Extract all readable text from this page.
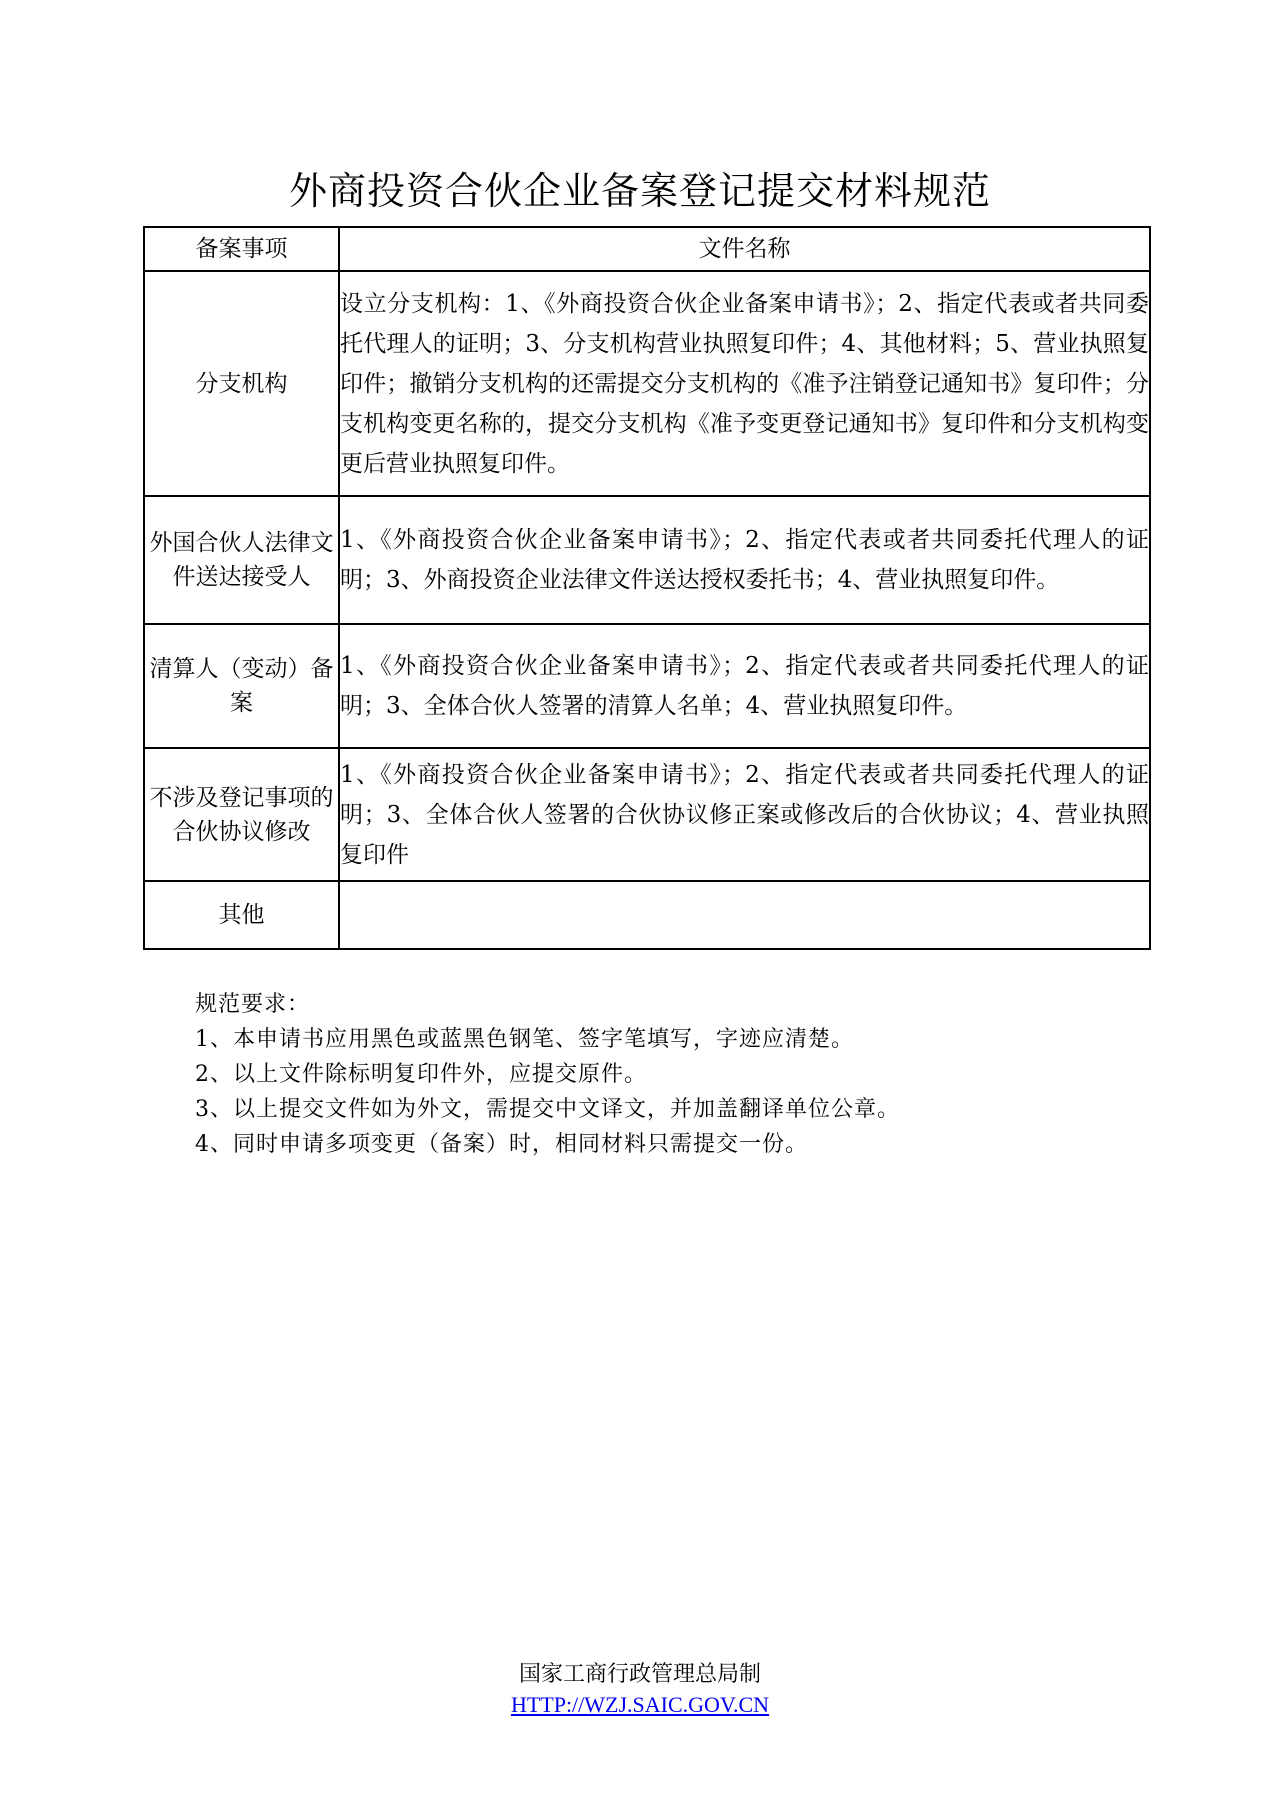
外商投资合伙企业备案登记提交材料规范
备案事项	文件名称
分支机构	设立分支机构：1、《外商投资合伙企业备案申请书》；2、指定代表或者共同委托代理人的证明；3、分支机构营业执照复印件；4、其他材料；5、营业执照复印件；撤销分支机构的还需提交分支机构的《准予注销登记通知书》复印件；分支机构变更名称的，提交分支机构《准予变更登记通知书》复印件和分支机构变更后营业执照复印件。
外国合伙人法律文件送达接受人	1、《外商投资合伙企业备案申请书》；2、指定代表或者共同委托代理人的证明；3、外商投资企业法律文件送达授权委托书；4、营业执照复印件。
清算人（变动）备案	1、《外商投资合伙企业备案申请书》；2、指定代表或者共同委托代理人的证明；3、全体合伙人签署的清算人名单；4、营业执照复印件。
不涉及登记事项的合伙协议修改	1、《外商投资合伙企业备案申请书》；2、指定代表或者共同委托代理人的证明；3、全体合伙人签署的合伙协议修正案或修改后的合伙协议；4、营业执照复印件
其他	
规范要求：
1、本申请书应用黑色或蓝黑色钢笔、签字笔填写，字迹应清楚。
2、以上文件除标明复印件外，应提交原件。
3、以上提交文件如为外文，需提交中文译文，并加盖翻译单位公章。
4、同时申请多项变更（备案）时，相同材料只需提交一份。
国家工商行政管理总局制
HTTP://WZJ.SAIC.GOV.CN
